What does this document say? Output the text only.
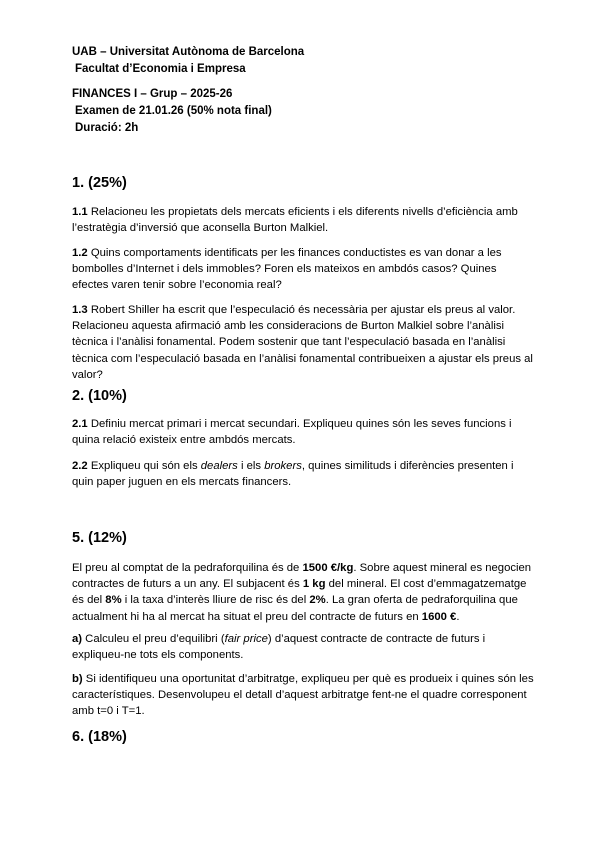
UAB – Universitat Autònoma de Barcelona
Facultat d’Economia i Empresa
FINANCES I – Grup – 2025-26
Examen de 21.01.26 (50% nota final)
Duració: 2h
1. (25%)
1.1 Relacioneu les propietats dels mercats eficients i els diferents nivells d’eficiència amb l’estratègia d’inversió que aconsella Burton Malkiel.
1.2 Quins comportaments identificats per les finances conductistes es van donar a les bombolles d’Internet i dels immobles? Foren els mateixos en ambdós casos? Quines efectes varen tenir sobre l’economia real?
1.3 Robert Shiller ha escrit que l’especulació és necessària per ajustar els preus al valor. Relacioneu aquesta afirmació amb les consideracions de Burton Malkiel sobre l’anàlisi tècnica i l’anàlisi fonamental. Podem sostenir que tant l’especulació basada en l’anàlisi tècnica com l’especulació basada en l’anàlisi fonamental contribueixen a ajustar els preus al valor?
2. (10%)
2.1 Definiu mercat primari i mercat secundari. Expliqueu quines són les seves funcions i quina relació existeix entre ambdós mercats.
2.2 Expliqueu qui són els dealers i els brokers, quines similituds i diferències presenten i quin paper juguen en els mercats financers.
5. (12%)
El preu al comptat de la pedraforquilina és de 1500 €/kg. Sobre aquest mineral es negocien contractes de futurs a un any. El subjacent és 1 kg del mineral. El cost d’emmagatzematge és del 8% i la taxa d’interès lliure de risc és del 2%. La gran oferta de pedraforquilina que actualment hi ha al mercat ha situat el preu del contracte de futurs en 1600 €.
a) Calculeu el preu d’equilibri (fair price) d’aquest contracte de contracte de futurs i expliqueu-ne tots els components.
b) Si identifiqueu una oportunitat d’arbitratge, expliqueu per què es produeix i quines són les característiques. Desenvolupeu el detall d’aquest arbitratge fent-ne el quadre corresponent amb t=0 i T=1.
6. (18%)
